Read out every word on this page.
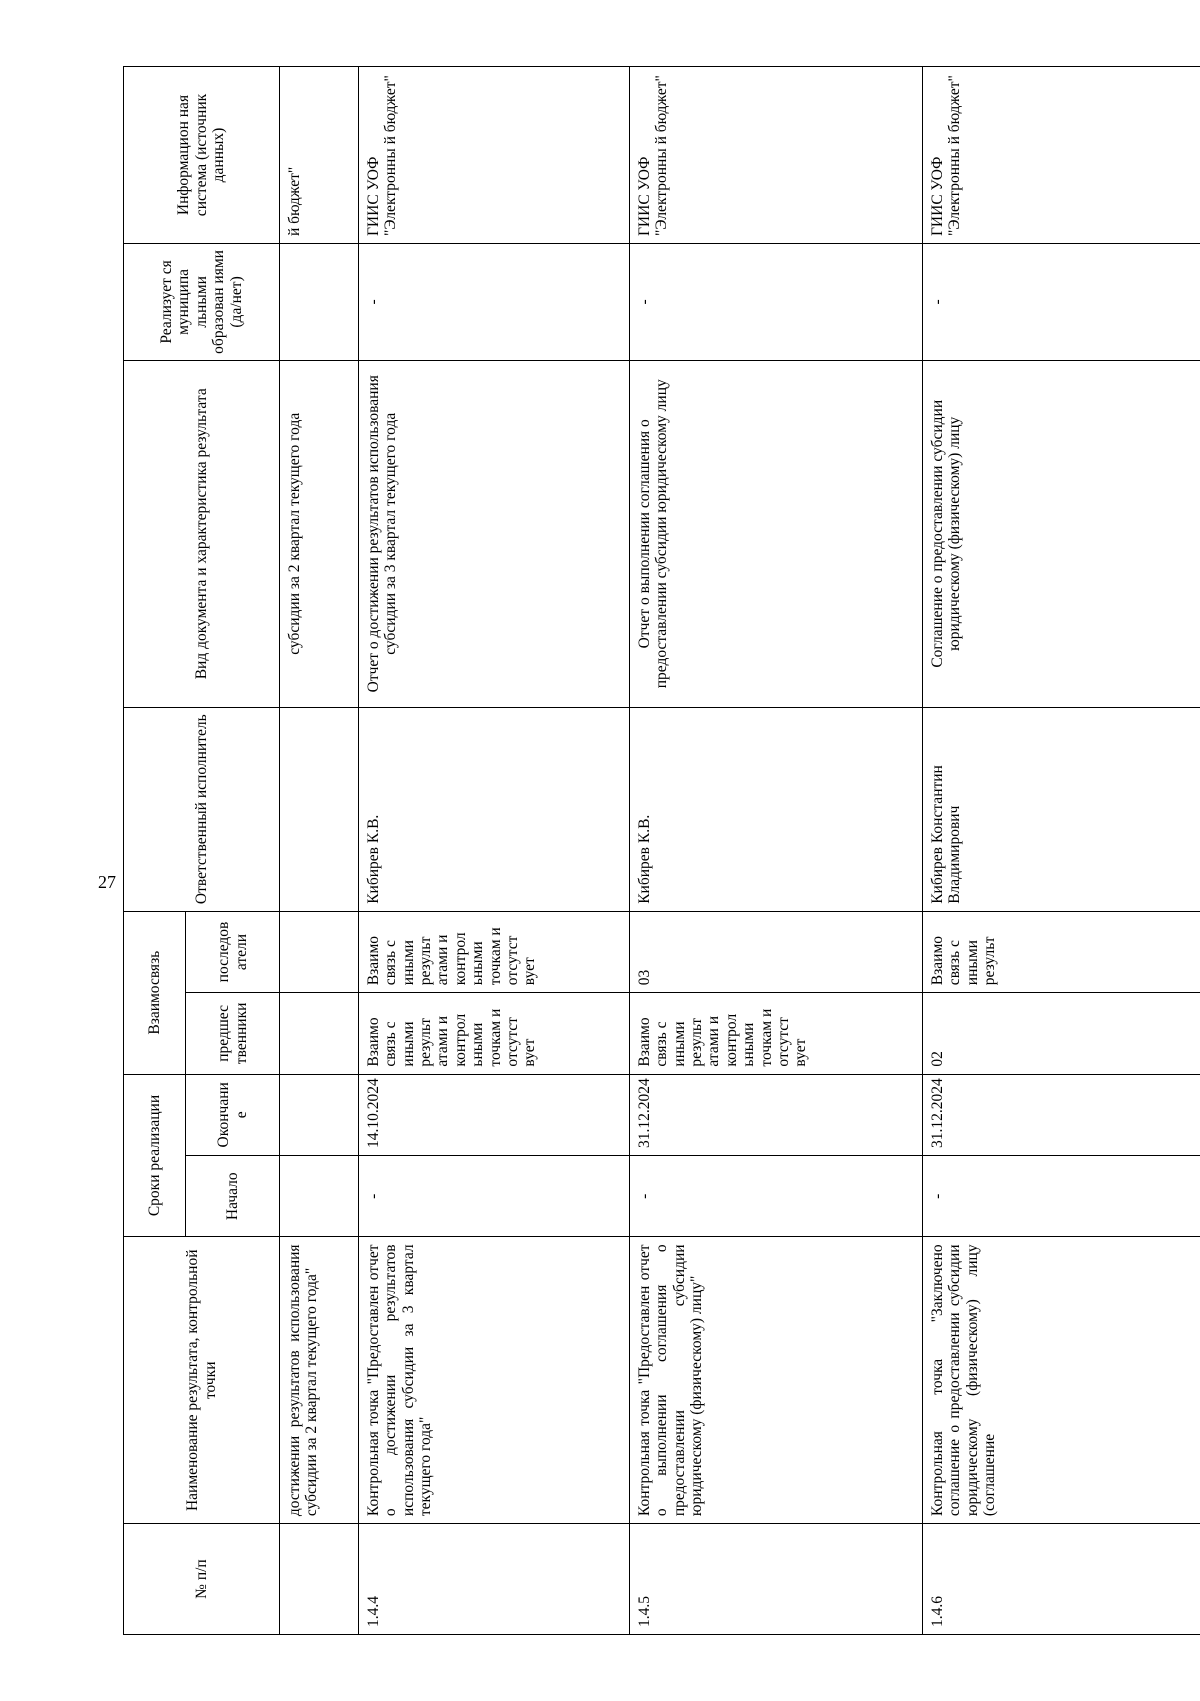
27
№ п/п	Наименование результата, контрольной точки	Сроки реализации		Взаимосвязь		Ответственный исполнитель	Вид документа и характеристика результата	Реализует ся муниципа льными образован иями (да/нет)	Информацион ная система (источник данных)
		Начало	Окончани е	предшес твенники	последов атели				
	достижении результатов использования субсидии за 2 квартал текущего года"						субсидии за 2 квартал текущего года		й бюджет"
1.4.4	Контрольная точка "Предоставлен отчет о достижении результатов использования субсидии за 3 квартал текущего года"	-	14.10.2024	Взаимо связь с иными результ атами и контрол ьными точкам и отсутст вует	Взаимо связь с иными результ атами и контрол ьными точкам и отсутст вует	Кибирев К.В.	Отчет о достижении результатов использования субсидии за 3 квартал текущего года	-	ГИИС УОФ "Электронны й бюджет"
1.4.5	Контрольная точка "Предоставлен отчет о выполнении соглашения о предоставлении субсидии юридическому (физическому) лицу"	-	31.12.2024	Взаимо связь с иными результ атами и контрол ьными точкам и отсутст вует	03	Кибирев К.В.	Отчет о выполнении соглашения о предоставлении субсидии юридическому лицу	-	ГИИС УОФ "Электронны й бюджет"
1.4.6	Контрольная точка "Заключено соглашение о предоставлении субсидии юридическому (физическому) лицу (соглашение	-	31.12.2024	02	Взаимо связь с иными результ	Кибирев Константин Владимирович	Соглашение о предоставлении субсидии юридическому (физическому) лицу	-	ГИИС УОФ "Электронны й бюджет"
